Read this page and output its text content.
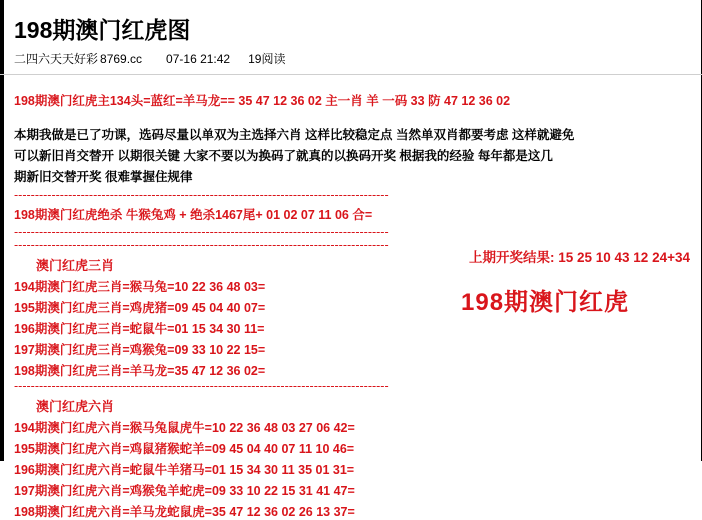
198期澳门红虎图
二四六天天好彩 8769.cc 07-16 21:42 19阅读
198期澳门红虎主134头=蓝红=羊马龙== 35 47 12 36 02 主一肖 羊 一码 33 防 47 12 36 02
本期我做是已了功课，选码尽量以单双为主选择六肖 这样比较稳定点 当然单双肖都要考虑 这样就避免
可以新旧肖交替开 以期很关键 大家不要以为换码了就真的以换码开奖 根据我的经验 每年都是这几
期新旧交替开奖 很难掌握住规律
------------------------------------------------------------------------------------------
198期澳门红虎绝杀 牛猴兔鸡 + 绝杀1467尾+ 01 02 07 11 06 合=
------------------------------------------------------------------------------------------
------------------------------------------------------------------------------------------
澳门红虎三肖
194期澳门红虎三肖=猴马兔=10 22 36 48 03=
195期澳门红虎三肖=鸡虎猪=09 45 04 40 07=
196期澳门红虎三肖=蛇鼠牛=01 15 34 30 11=
197期澳门红虎三肖=鸡猴兔=09 33 10 22 15=
198期澳门红虎三肖=羊马龙=35 47 12 36 02=
------------------------------------------------------------------------------------------
澳门红虎六肖
194期澳门红虎六肖=猴马兔鼠虎牛=10 22 36 48 03 27 06 42=
195期澳门红虎六肖=鸡鼠猪猴蛇羊=09 45 04 40 07 11 10 46=
196期澳门红虎六肖=蛇鼠牛羊猪马=01 15 34 30 11 35 01 31=
197期澳门红虎六肖=鸡猴兔羊蛇虎=09 33 10 22 15 31 41 47=
198期澳门红虎六肖=羊马龙蛇鼠虎=35 47 12 36 02 26 13 37=
上期开奖结果: 15 25 10 43 12 24+34
198期澳门红虎
